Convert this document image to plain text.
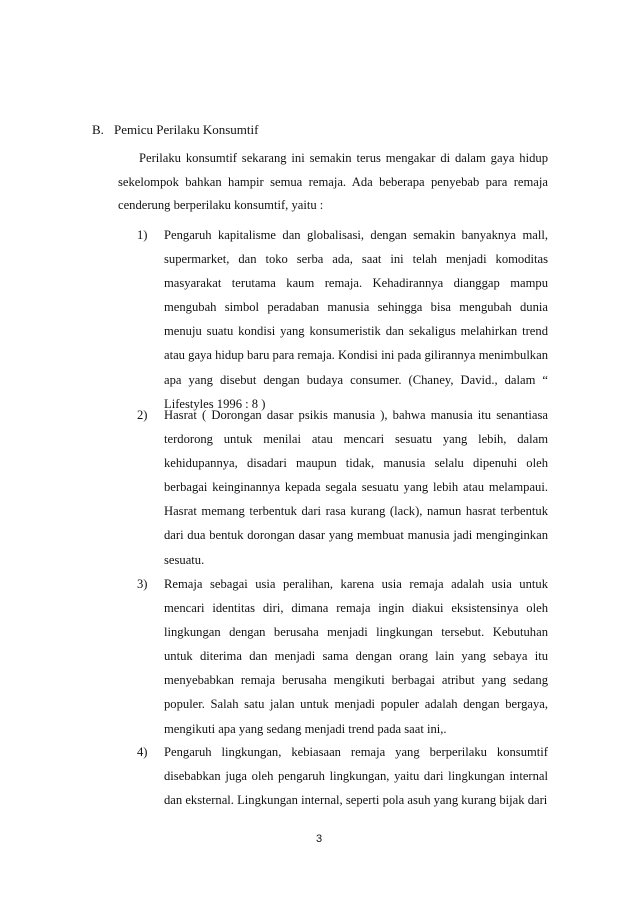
B. Pemicu Perilaku Konsumtif
Perilaku konsumtif sekarang ini semakin terus mengakar di dalam gaya hidup sekelompok bahkan hampir semua remaja. Ada beberapa penyebab para remaja cenderung berperilaku konsumtif, yaitu :
1) Pengaruh kapitalisme dan globalisasi, dengan semakin banyaknya mall, supermarket, dan toko serba ada, saat ini telah menjadi komoditas masyarakat terutama kaum remaja. Kehadirannya dianggap mampu mengubah simbol peradaban manusia sehingga bisa mengubah dunia menuju suatu kondisi yang konsumeristik dan sekaligus melahirkan trend atau gaya hidup baru para remaja. Kondisi ini pada gilirannya menimbulkan apa yang disebut dengan budaya consumer. (Chaney, David., dalam “ Lifestyles 1996 : 8 )
2) Hasrat ( Dorongan dasar psikis manusia ), bahwa manusia itu senantiasa terdorong untuk menilai atau mencari sesuatu yang lebih, dalam kehidupannya, disadari maupun tidak, manusia selalu dipenuhi oleh berbagai keinginannya kepada segala sesuatu yang lebih atau melampaui. Hasrat memang terbentuk dari rasa kurang (lack), namun hasrat terbentuk dari dua bentuk dorongan dasar yang membuat manusia jadi menginginkan sesuatu.
3) Remaja sebagai usia peralihan, karena usia remaja adalah usia untuk mencari identitas diri, dimana remaja ingin diakui eksistensinya oleh lingkungan dengan berusaha menjadi lingkungan tersebut. Kebutuhan untuk diterima dan menjadi sama dengan orang lain yang sebaya itu menyebabkan remaja berusaha mengikuti berbagai atribut yang sedang populer. Salah satu jalan untuk menjadi populer adalah dengan bergaya, mengikuti apa yang sedang menjadi trend pada saat ini,.
4) Pengaruh lingkungan, kebiasaan remaja yang berperilaku konsumtif disebabkan juga oleh pengaruh lingkungan, yaitu dari lingkungan internal dan eksternal. Lingkungan internal, seperti pola asuh yang kurang bijak dari
3
